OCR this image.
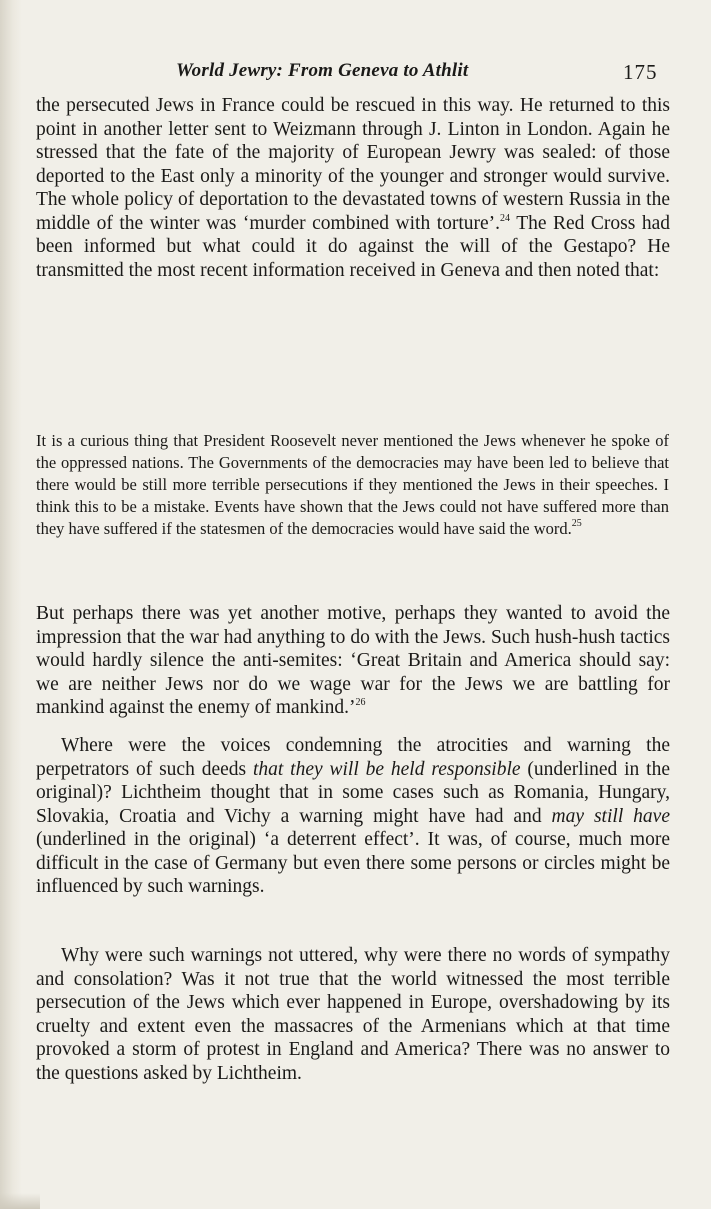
World Jewry: From Geneva to Athlit	175

the persecuted Jews in France could be rescued in this way. He returned to this point in another letter sent to Weizmann through J. Linton in London. Again he stressed that the fate of the majority of European Jewry was sealed: of those deported to the East only a minority of the younger and stronger would survive. The whole policy of deportation to the devastated towns of western Russia in the middle of the winter was ‘murder combined with torture’.$^{24}$ The Red Cross had been informed but what could it do against the will of the Gestapo? He transmitted the most recent information received in Geneva and then noted that:

It is a curious thing that President Roosevelt never mentioned the Jews whenever he spoke of the oppressed nations. The Governments of the democracies may have been led to believe that there would be still more terrible persecutions if they mentioned the Jews in their speeches. I think this to be a mistake. Events have shown that the Jews could not have suffered more than they have suffered if the statesmen of the democracies would have said the word.$^{25}$

But perhaps there was yet another motive, perhaps they wanted to avoid the impression that the war had anything to do with the Jews. Such hush-hush tactics would hardly silence the anti-semites: ‘Great Britain and America should say: we are neither Jews nor do we wage war for the Jews we are battling for mankind against the enemy of mankind.’$^{26}$

Where were the voices condemning the atrocities and warning the perpetrators of such deeds that they will be held responsible (underlined in the original)? Lichtheim thought that in some cases such as Romania, Hungary, Slovakia, Croatia and Vichy a warning might have had and may still have (underlined in the original) ‘a deterrent effect’. It was, of course, much more difficult in the case of Germany but even there some persons or circles might be influenced by such warnings.

Why were such warnings not uttered, why were there no words of sympathy and consolation? Was it not true that the world witnessed the most terrible persecution of the Jews which ever happened in Europe, overshadowing by its cruelty and extent even the massacres of the Armenians which at that time provoked a storm of protest in England and America? There was no answer to the questions asked by Lichtheim.
